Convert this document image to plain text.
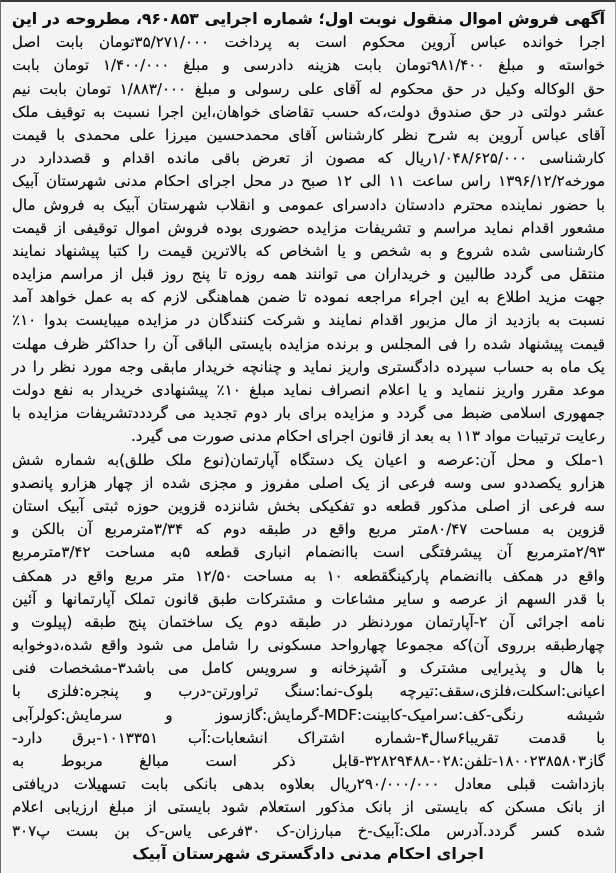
آگهی فروش اموال منقول نوبت اول؛ شماره اجرایی ۹۶۰۸۵۳، مطروحه در این
اجرا خوانده عباس آروین محکوم است به پرداخت ۳۵/۲۷۱/۰۰۰تومان بابت اصل
خواسته و مبلغ ۹۸۱/۴۰۰تومان بابت هزینه دادرسی و مبلغ ۱/۴۰۰/۰۰۰ تومان بابت
حق الوکاله وکیل در حق محکوم له آقای علی رسولی و مبلغ ۱/۸۸۳/۰۰۰ تومان بابت نیم
عشر دولتی در حق صندوق دولت،که حسب تقاضای خواهان،این اجرا نسبت به توقیف ملک
آقای عباس آروین به شرح نظر کارشناس آقای محمدحسین میرزا علی محمدی با قیمت
کارشناسی ۱/۰۴۸/۶۲۵/۰۰۰ریال که مصون از تعرض باقی مانده اقدام و قصددارد در
مورخه۱۳۹۶/۱۲/۲ راس ساعت ۱۱ الی ۱۲ صبح در محل اجرای احکام مدنی شهرستان آبیک
با حضور نماینده محترم دادستان دادسرای عمومی و انقلاب شهرستان آبیک به فروش مال
مشعور اقدام نماید مراسم و تشریفات مزایده حضوری بوده فروش اموال توقیفی از قیمت
کارشناسی شده شروع و به شخص و یا اشخاص که بالاترین قیمت را کتبا پیشنهاد نمایند
منتقل می گردد طالبین و خریداران می توانند همه روزه تا پنج روز قبل از مراسم مزایده
جهت مزید اطلاع به این اجراء مراجعه نموده تا ضمن هماهنگی لازم که به عمل خواهد آمد
نسبت به بازدید از مال مزبور اقدام نمایند و شرکت کنندگان در مزایده میبایست بدوا ۱۰٪
قیمت پیشنهاد شده را فی المجلس و برنده مزایده بایستی الباقی آن را حداکثر ظرف مهلت
یک ماه به حساب سپرده دادگستری واریز نماید و چنانچه خریدار مابقی وجه مورد نظر را در
موعد مقرر واریز ننماید و یا اعلام انصراف نماید مبلغ ۱۰٪ پیشنهادی خریدار به نفع دولت
جمهوری اسلامی ضبط می گردد و مزایده برای بار دوم تجدید می گردددتشریفات مزایده با
رعایت ترتیبات مواد ۱۱۳ به بعد از قانون اجرای احکام مدنی صورت می گیرد.
۱-ملک و محل آن:عرصه و اعیان یک دستگاه آپارتمان(نوع ملک طلق)به شماره شش
هزارو یکصددو سی وسه فرعی از یک اصلی مفروز و مجزی شده از چهار هزارو پانصدو
سه فرعی از اصلی مذکور قطعه دو تفکیکی بخش شانزده قزوین حوزه ثبتی آبیک استان
قزوین به مساحت ۸۰/۴۷متر مربع واقع در طبقه دوم که ۳/۳۴مترمربع آن بالکن و
۲/۹۳مترمربع آن پیشرفتگی است باانضمام انباری قطعه ۵به مساحت ۳/۴۲مترمربع
واقع در همکف باانضمام پارکینگقطعه ۱۰ به مساحت ۱۲/۵۰ متر مربع واقع در همکف
با قدر السهم از عرصه و سایر مشاعات و مشترکات طبق قانون تملک آپارتمانها و آئین
نامه اجرائی آن ۲-آپارتمان موردنظر در طبقه دوم یک ساختمان پنج طبقه (پیلوت و
چهارطبقه برروی آن)که مجموعا چهارواحد مسکونی را شامل می شود واقع شده،دوخوابه
با هال و پذیرایی مشترک و آشپزخانه و سرویس کامل می باشد۳-مشخصات فنی
اعیانی:اسکلت،فلزی،سقف:تیرچه بلوک-نما:سنگ تراورتن-درب و پنجره:فلزی با
شیشه رنگی-کف:سرامیک-کابینت:MDF-گرمایش:گازسوز و سرمایش:کولرآبی
با قدمت تقریبا۶سال۴-شماره اشتراک انشعابات:آب ۱۰۱۳۳۵۱-برق دارد-
گاز۱۸۰۰۲۳۸۵۸۰۳-تلفن:۰۲۸-۳۲۸۲۹۴۸۸-قابل ذکر است مبالغ مربوط به
بازداشت قبلی معادل ۲۹۰/۰۰۰/۰۰۰ریال بعلاوه بدهی بانکی بابت تسهیلات دریافتی
از بانک مسکن که بایستی از بانک مذکور استعلام شود بایستی از مبلغ ارزیابی اعلام
شده کسر گردد.آدرس ملک:آبیک-خ مبارزان-ک ۳۰فرعی یاس-ک بن بست پ۳۰۷
اجرای احکام مدنی دادگستری شهرستان آبیک
